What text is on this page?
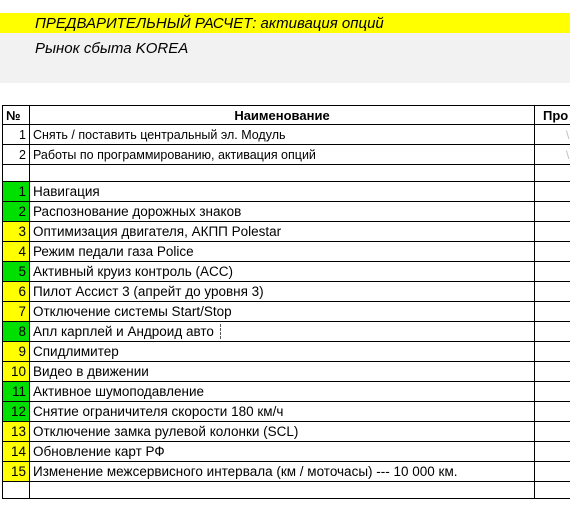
ПРЕДВАРИТЕЛЬНЫЙ РАСЧЕТ: активация опций
Рынок сбыта KOREA
№	Наименование	Про
1	Снять / поставить центральный эл. Модуль	\
2	Работы по программированию, активация опций	\

1	Навигация	
2	Распознование дорожных знаков	
3	Оптимизация двигателя, АКПП Polestar	
4	Режим педали газа Police	
5	Активный круиз контроль (ACC)	
6	Пилот Ассист 3 (апрейт до уровня 3)	
7	Отключение системы Start/Stop	
8	Апл карплей и Андроид авто	
9	Спидлимитер	
10	Видео в движении	
11	Активное шумоподавление	
12	Снятие ограничителя скорости 180 км/ч	
13	Отключение замка рулевой колонки (SCL)	
14	Обновление карт РФ	
15	Изменение межсервисного интервала (км / моточасы) --- 10 000 км.	
